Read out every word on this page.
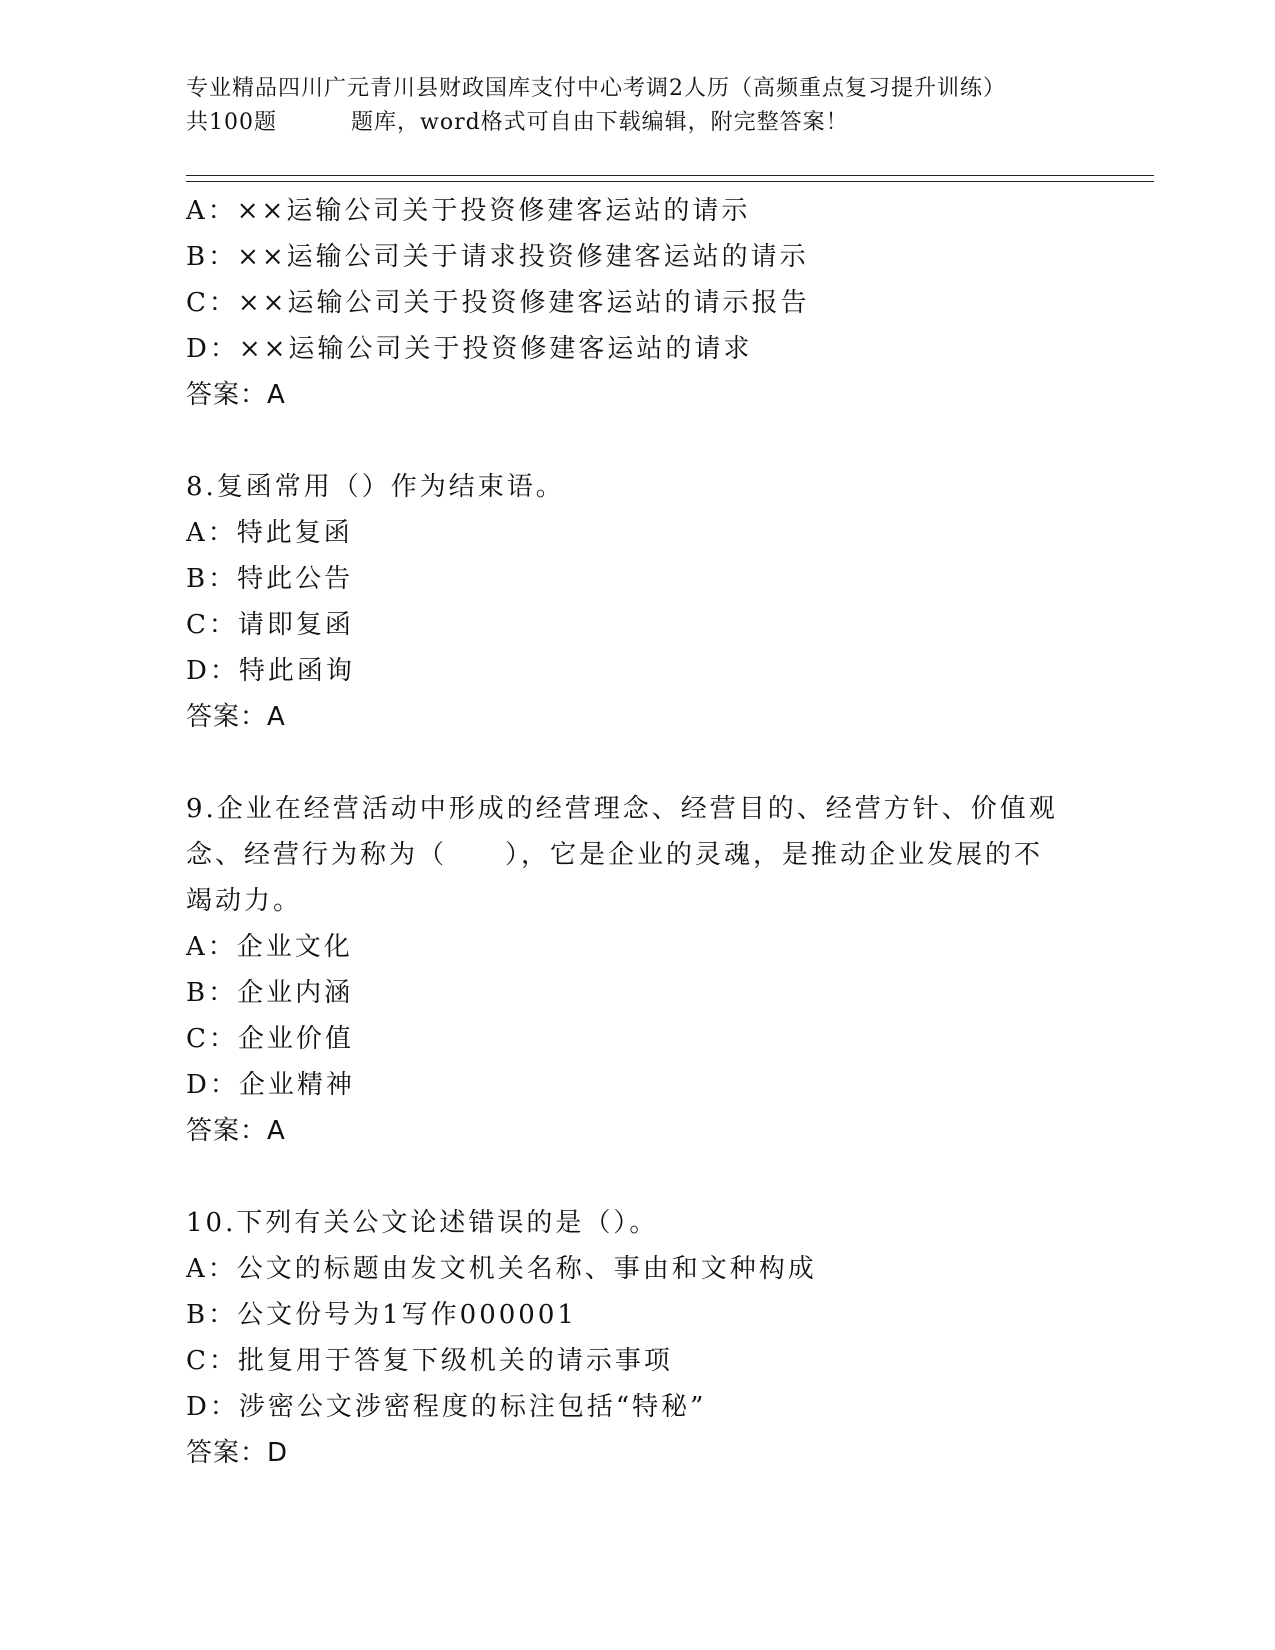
专业精品四川广元青川县财政国库支付中心考调2人历（高频重点复习提升训练）
共100题	题库，word格式可自由下载编辑，附完整答案！
A：××运输公司关于投资修建客运站的请示
B：××运输公司关于请求投资修建客运站的请示
C：××运输公司关于投资修建客运站的请示报告
D：××运输公司关于投资修建客运站的请求
答案：A
8.复函常用（）作为结束语。
A：特此复函
B：特此公告
C：请即复函
D：特此函询
答案：A
9.企业在经营活动中形成的经营理念、经营目的、经营方针、价值观
念、经营行为称为（　　），它是企业的灵魂，是推动企业发展的不
竭动力。
A：企业文化
B：企业内涵
C：企业价值
D：企业精神
答案：A
10.下列有关公文论述错误的是（）。
A：公文的标题由发文机关名称、事由和文种构成
B：公文份号为1写作000001
C：批复用于答复下级机关的请示事项
D：涉密公文涉密程度的标注包括“特秘”
答案：D
